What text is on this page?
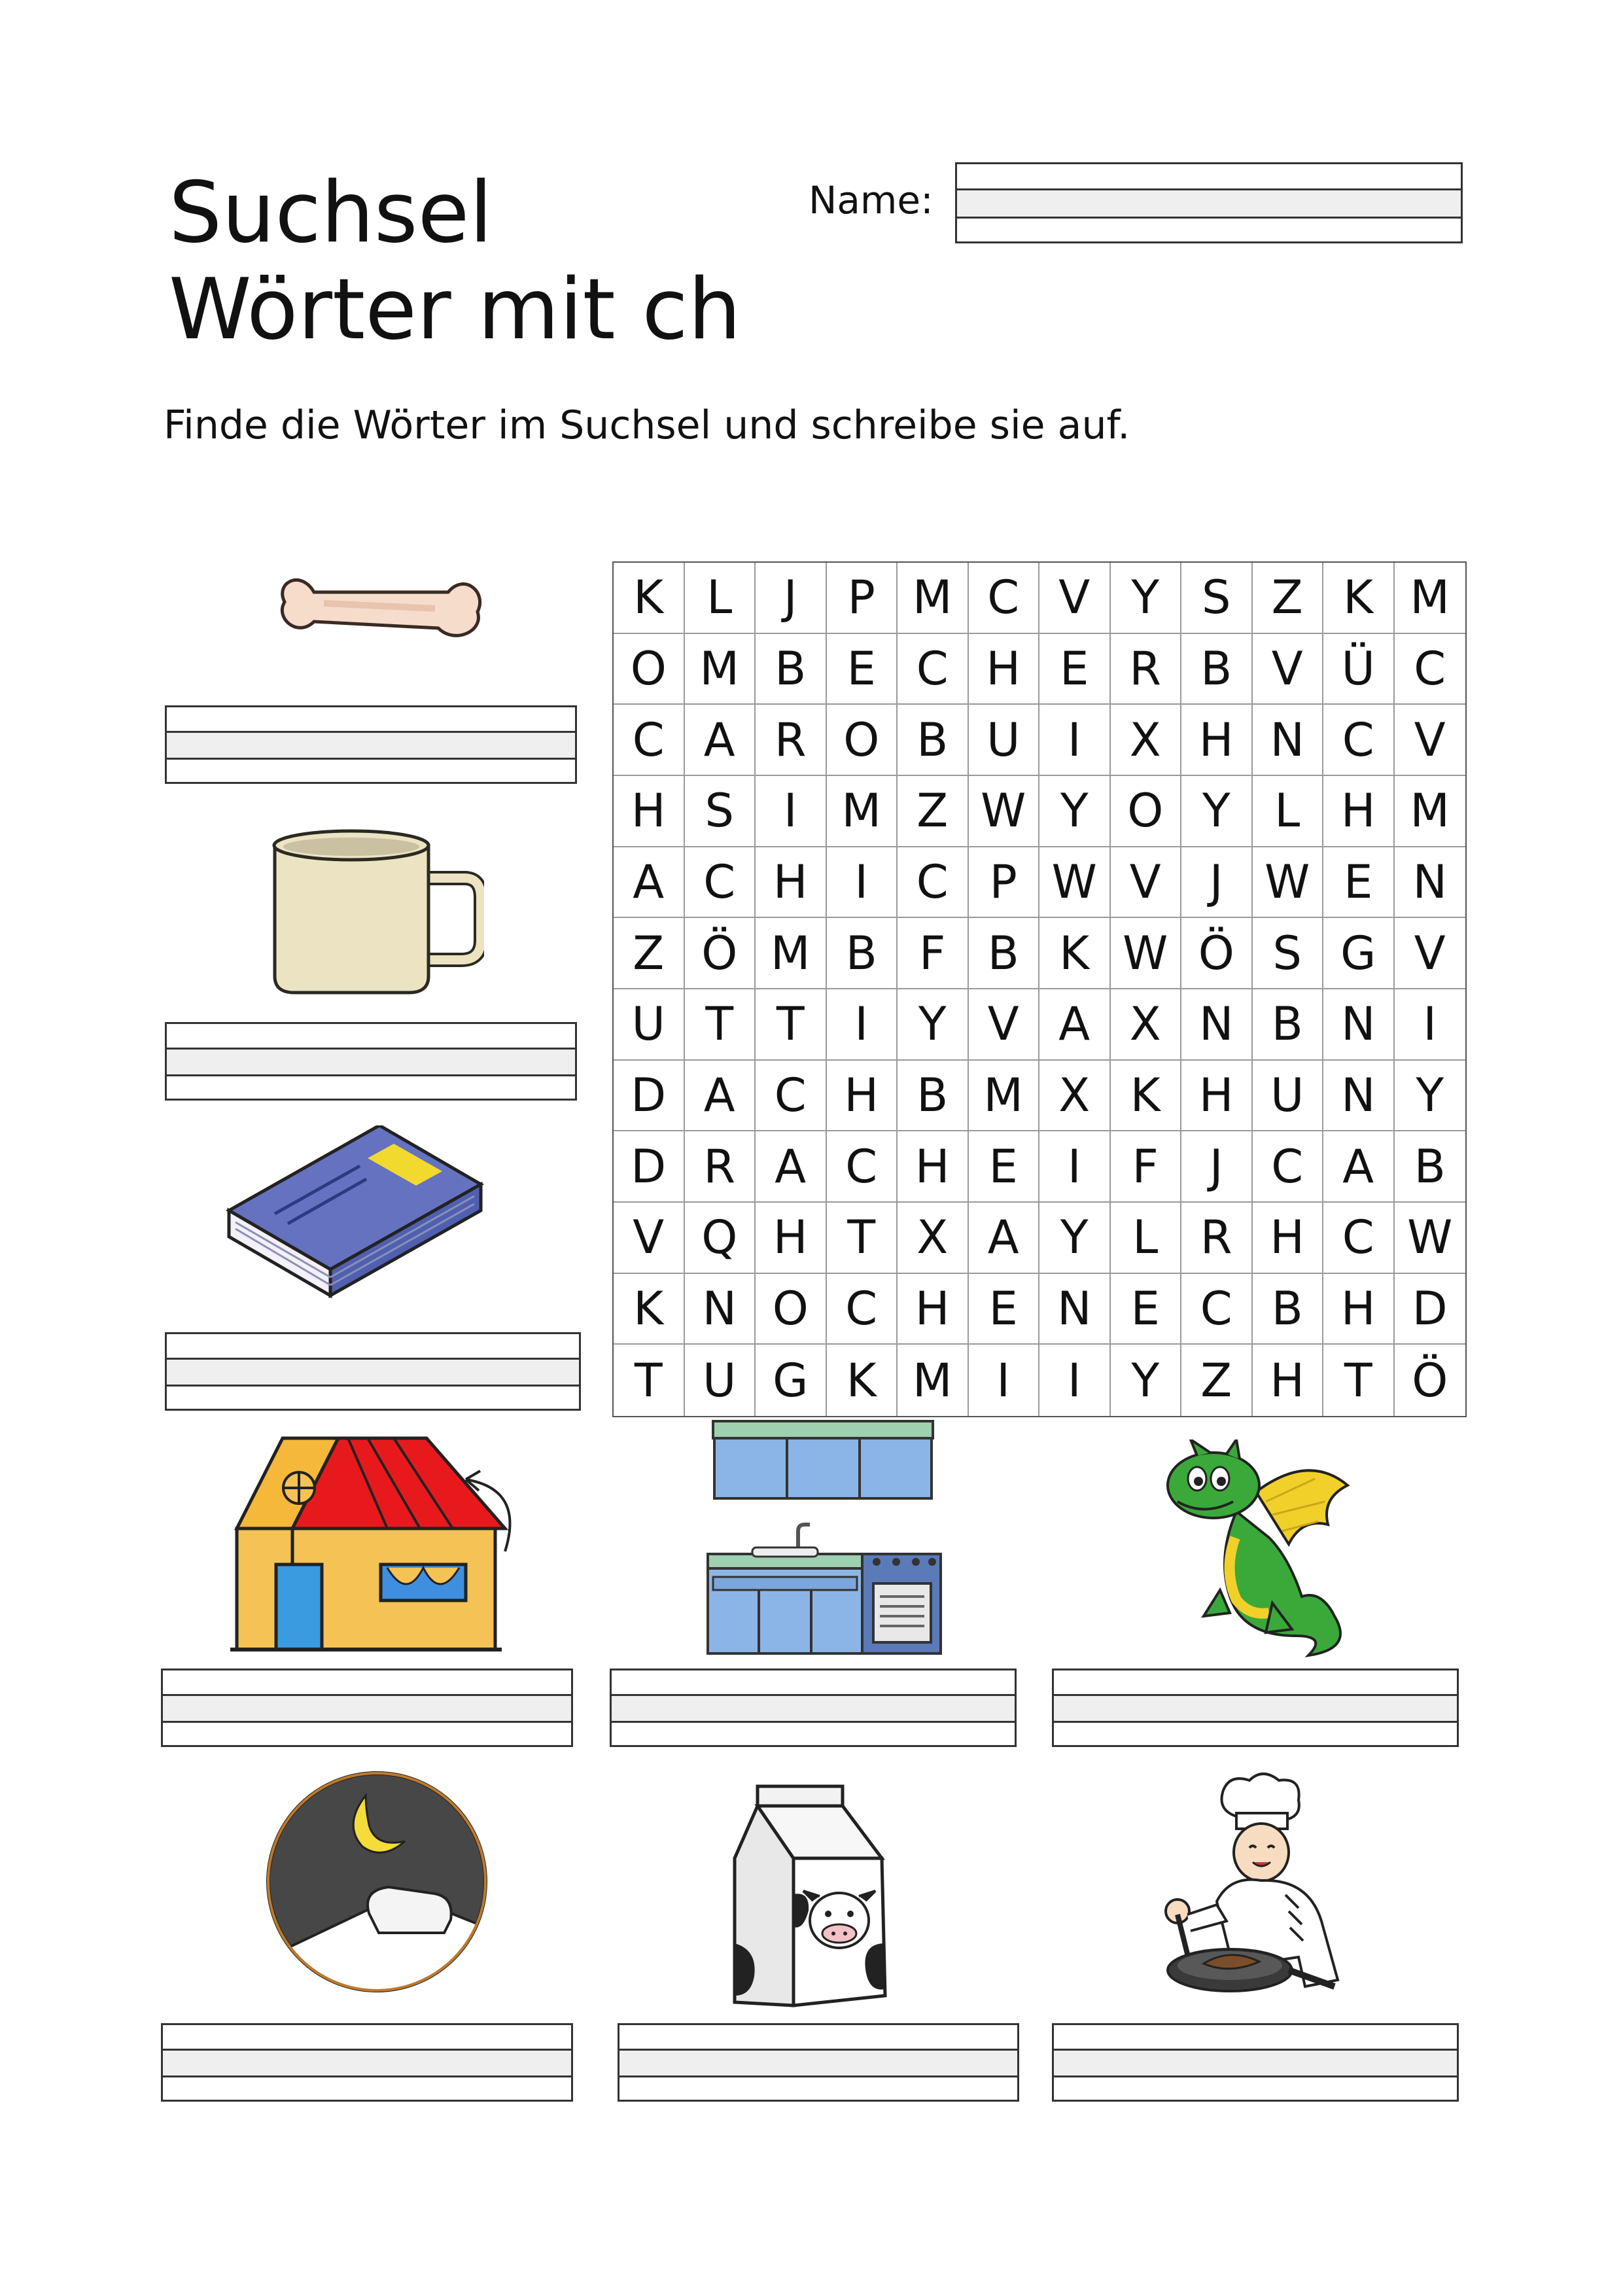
Suchsel
Wörter mit ch
Name:
Finde die Wörter im Suchsel und schreibe sie auf.
K L	J	P M C V Y S Z K M
O M B E C H E R B V Ü C
C A R O B U	I	X H N C V
H S	I M Z W Y O Y L H M
A C H	I	C P W V	J W E N
Z Ö M B F B K W Ö S G V
U T T	I	Y V A X N B N	I
D A C H B M X K H U N Y
D R A C H E	I	F	J	C A B
V Q H T X A Y L R H C W
K N O C H E N E C B H D
T U G K M I	I	Y Z H T Ö
